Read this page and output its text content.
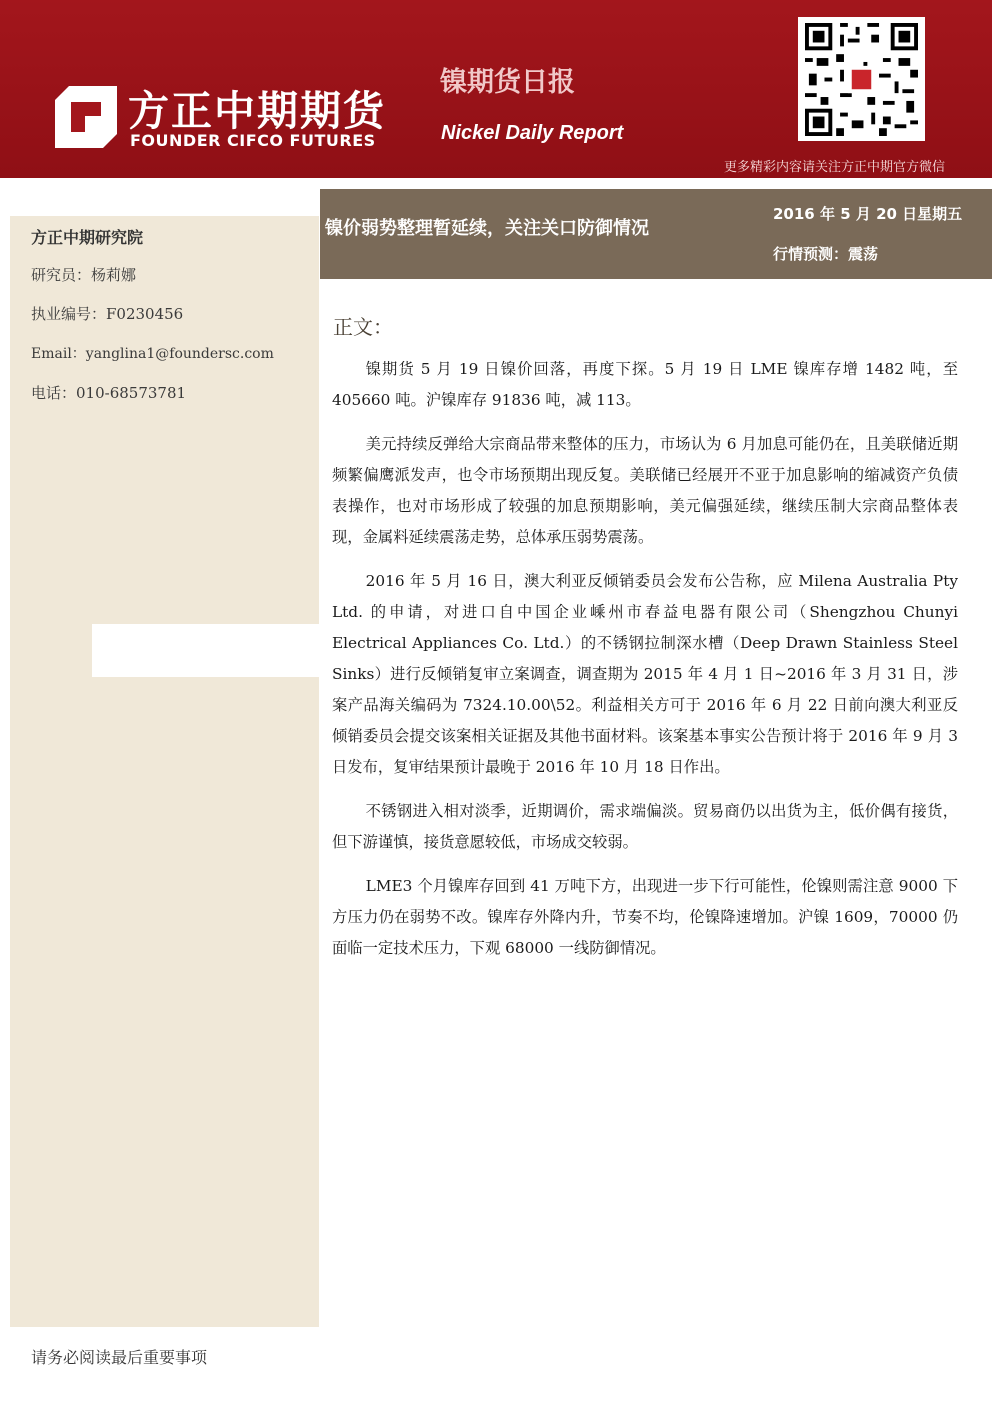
方正中期期货
FOUNDER CIFCO FUTURES
镍期货日报
Nickel Daily Report
更多精彩内容请关注方正中期官方微信
方正中期研究院
研究员：杨莉娜
执业编号：F0230456
Email：yanglina1@foundersc.com
电话：010-68573781
镍价弱势整理暂延续，关注关口防御情况
2016 年 5 月 20 日星期五
行情预测：震荡
正文：

镍期货 5 月 19 日镍价回落，再度下探。5 月 19 日 LME 镍库存增 1482 吨，至 405660 吨。沪镍库存 91836 吨，减 113。

美元持续反弹给大宗商品带来整体的压力，市场认为 6 月加息可能仍在，且美联储近期频繁偏鹰派发声，也令市场预期出现反复。美联储已经展开不亚于加息影响的缩减资产负债表操作，也对市场形成了较强的加息预期影响，美元偏强延续，继续压制大宗商品整体表现，金属料延续震荡走势，总体承压弱势震荡。

2016 年 5 月 16 日，澳大利亚反倾销委员会发布公告称，应 Milena Australia Pty Ltd. 的申请，对进口自中国企业嵊州市春益电器有限公司（Shengzhou Chunyi Electrical Appliances Co. Ltd.）的不锈钢拉制深水槽（Deep Drawn Stainless Steel Sinks）进行反倾销复审立案调查，调查期为 2015 年 4 月 1 日~2016 年 3 月 31 日，涉案产品海关编码为 7324.10.00\52。利益相关方可于 2016 年 6 月 22 日前向澳大利亚反倾销委员会提交该案相关证据及其他书面材料。该案基本事实公告预计将于 2016 年 9 月 3 日发布，复审结果预计最晚于 2016 年 10 月 18 日作出。

不锈钢进入相对淡季，近期调价，需求端偏淡。贸易商仍以出货为主，低价偶有接货，但下游谨慎，接货意愿较低，市场成交较弱。

LME3 个月镍库存回到 41 万吨下方，出现进一步下行可能性，伦镍则需注意 9000 下方压力仍在弱势不改。镍库存外降内升，节奏不均，伦镍降速增加。沪镍 1609，70000 仍面临一定技术压力，下观 68000 一线防御情况。

请务必阅读最后重要事项
